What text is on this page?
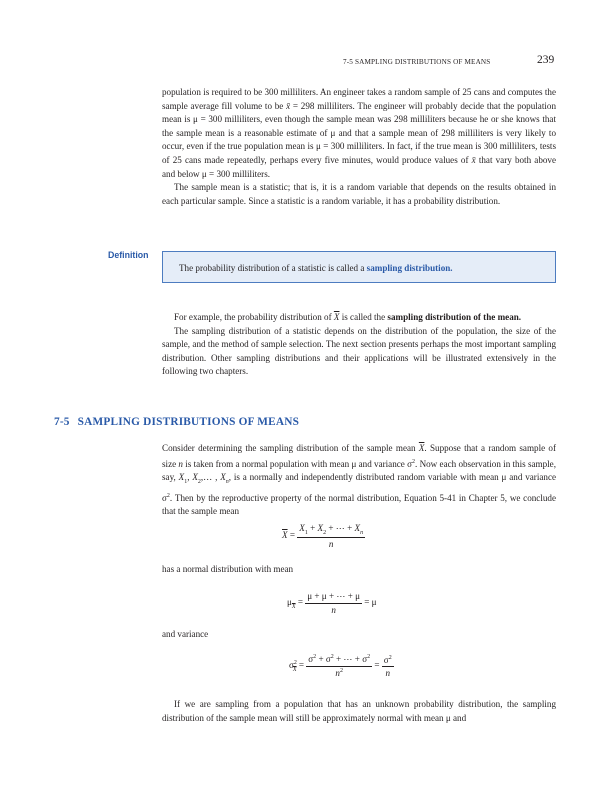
7-5 SAMPLING DISTRIBUTIONS OF MEANS	239

population is required to be 300 milliliters. An engineer takes a random sample of 25 cans and computes the sample average fill volume to be x̄ = 298 milliliters. The engineer will probably decide that the population mean is μ = 300 milliliters, even though the sample mean was 298 milliliters because he or she knows that the sample mean is a reasonable estimate of μ and that a sample mean of 298 milliliters is very likely to occur, even if the true population mean is μ = 300 milliliters. In fact, if the true mean is 300 milliliters, tests of 25 cans made repeatedly, perhaps every five minutes, would produce values of x̄ that vary both above and below μ = 300 milliliters.

The sample mean is a statistic; that is, it is a random variable that depends on the results obtained in each particular sample. Since a statistic is a random variable, it has a probability distribution.

Definition
The probability distribution of a statistic is called a sampling distribution.

For example, the probability distribution of $\overline{X}$ is called the sampling distribution of the mean.

The sampling distribution of a statistic depends on the distribution of the population, the size of the sample, and the method of sample selection. The next section presents perhaps the most important sampling distribution. Other sampling distributions and their applications will be illustrated extensively in the following two chapters.

7-5 SAMPLING DISTRIBUTIONS OF MEANS

Consider determining the sampling distribution of the sample mean $\overline{X}$. Suppose that a random sample of size n is taken from a normal population with mean μ and variance $\sigma^2$. Now each observation in this sample, say, $X_1$, $X_2,\dots$ , $X_n$, is a normally and independently distributed random variable with mean μ and variance $\sigma^2$. Then by the reproductive property of the normal distribution, Equation 5-41 in Chapter 5, we conclude that the sample mean

$\overline{X} = \frac{X_1 + X_2 + \cdots + X_n}{n}$
has a normal distribution with mean
$\mu_{\overline{X}} = \frac{\mu + \mu + \cdots + \mu}{n} = \mu$
and variance
$\sigma^2_{\overline{X}} = \frac{\sigma^2 + \sigma^2 + \cdots + \sigma^2}{n^2} = \frac{\sigma^2}{n}$

If we are sampling from a population that has an unknown probability distribution, the sampling distribution of the sample mean will still be approximately normal with mean μ and
